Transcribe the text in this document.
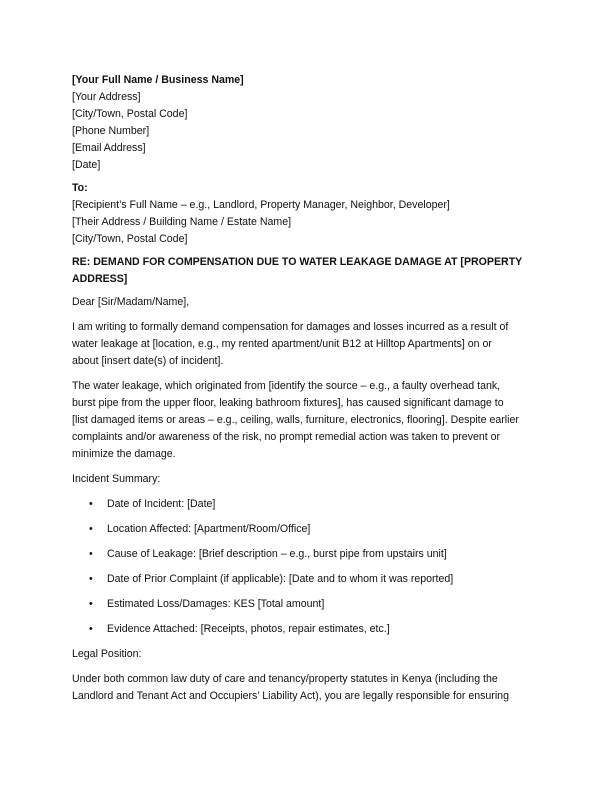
[Your Full Name / Business Name]
[Your Address]
[City/Town, Postal Code]
[Phone Number]
[Email Address]
[Date]
To:
[Recipient’s Full Name – e.g., Landlord, Property Manager, Neighbor, Developer]
[Their Address / Building Name / Estate Name]
[City/Town, Postal Code]
RE: DEMAND FOR COMPENSATION DUE TO WATER LEAKAGE DAMAGE AT [PROPERTY
ADDRESS]

Dear [Sir/Madam/Name],

I am writing to formally demand compensation for damages and losses incurred as a result of
water leakage at [location, e.g., my rented apartment/unit B12 at Hilltop Apartments] on or
about [insert date(s) of incident].

The water leakage, which originated from [identify the source – e.g., a faulty overhead tank,
burst pipe from the upper floor, leaking bathroom fixtures], has caused significant damage to
[list damaged items or areas – e.g., ceiling, walls, furniture, electronics, flooring]. Despite earlier
complaints and/or awareness of the risk, no prompt remedial action was taken to prevent or
minimize the damage.

Incident Summary:

• Date of Incident: [Date]
• Location Affected: [Apartment/Room/Office]
• Cause of Leakage: [Brief description – e.g., burst pipe from upstairs unit]
• Date of Prior Complaint (if applicable): [Date and to whom it was reported]
• Estimated Loss/Damages: KES [Total amount]
• Evidence Attached: [Receipts, photos, repair estimates, etc.]

Legal Position:

Under both common law duty of care and tenancy/property statutes in Kenya (including the
Landlord and Tenant Act and Occupiers’ Liability Act), you are legally responsible for ensuring
